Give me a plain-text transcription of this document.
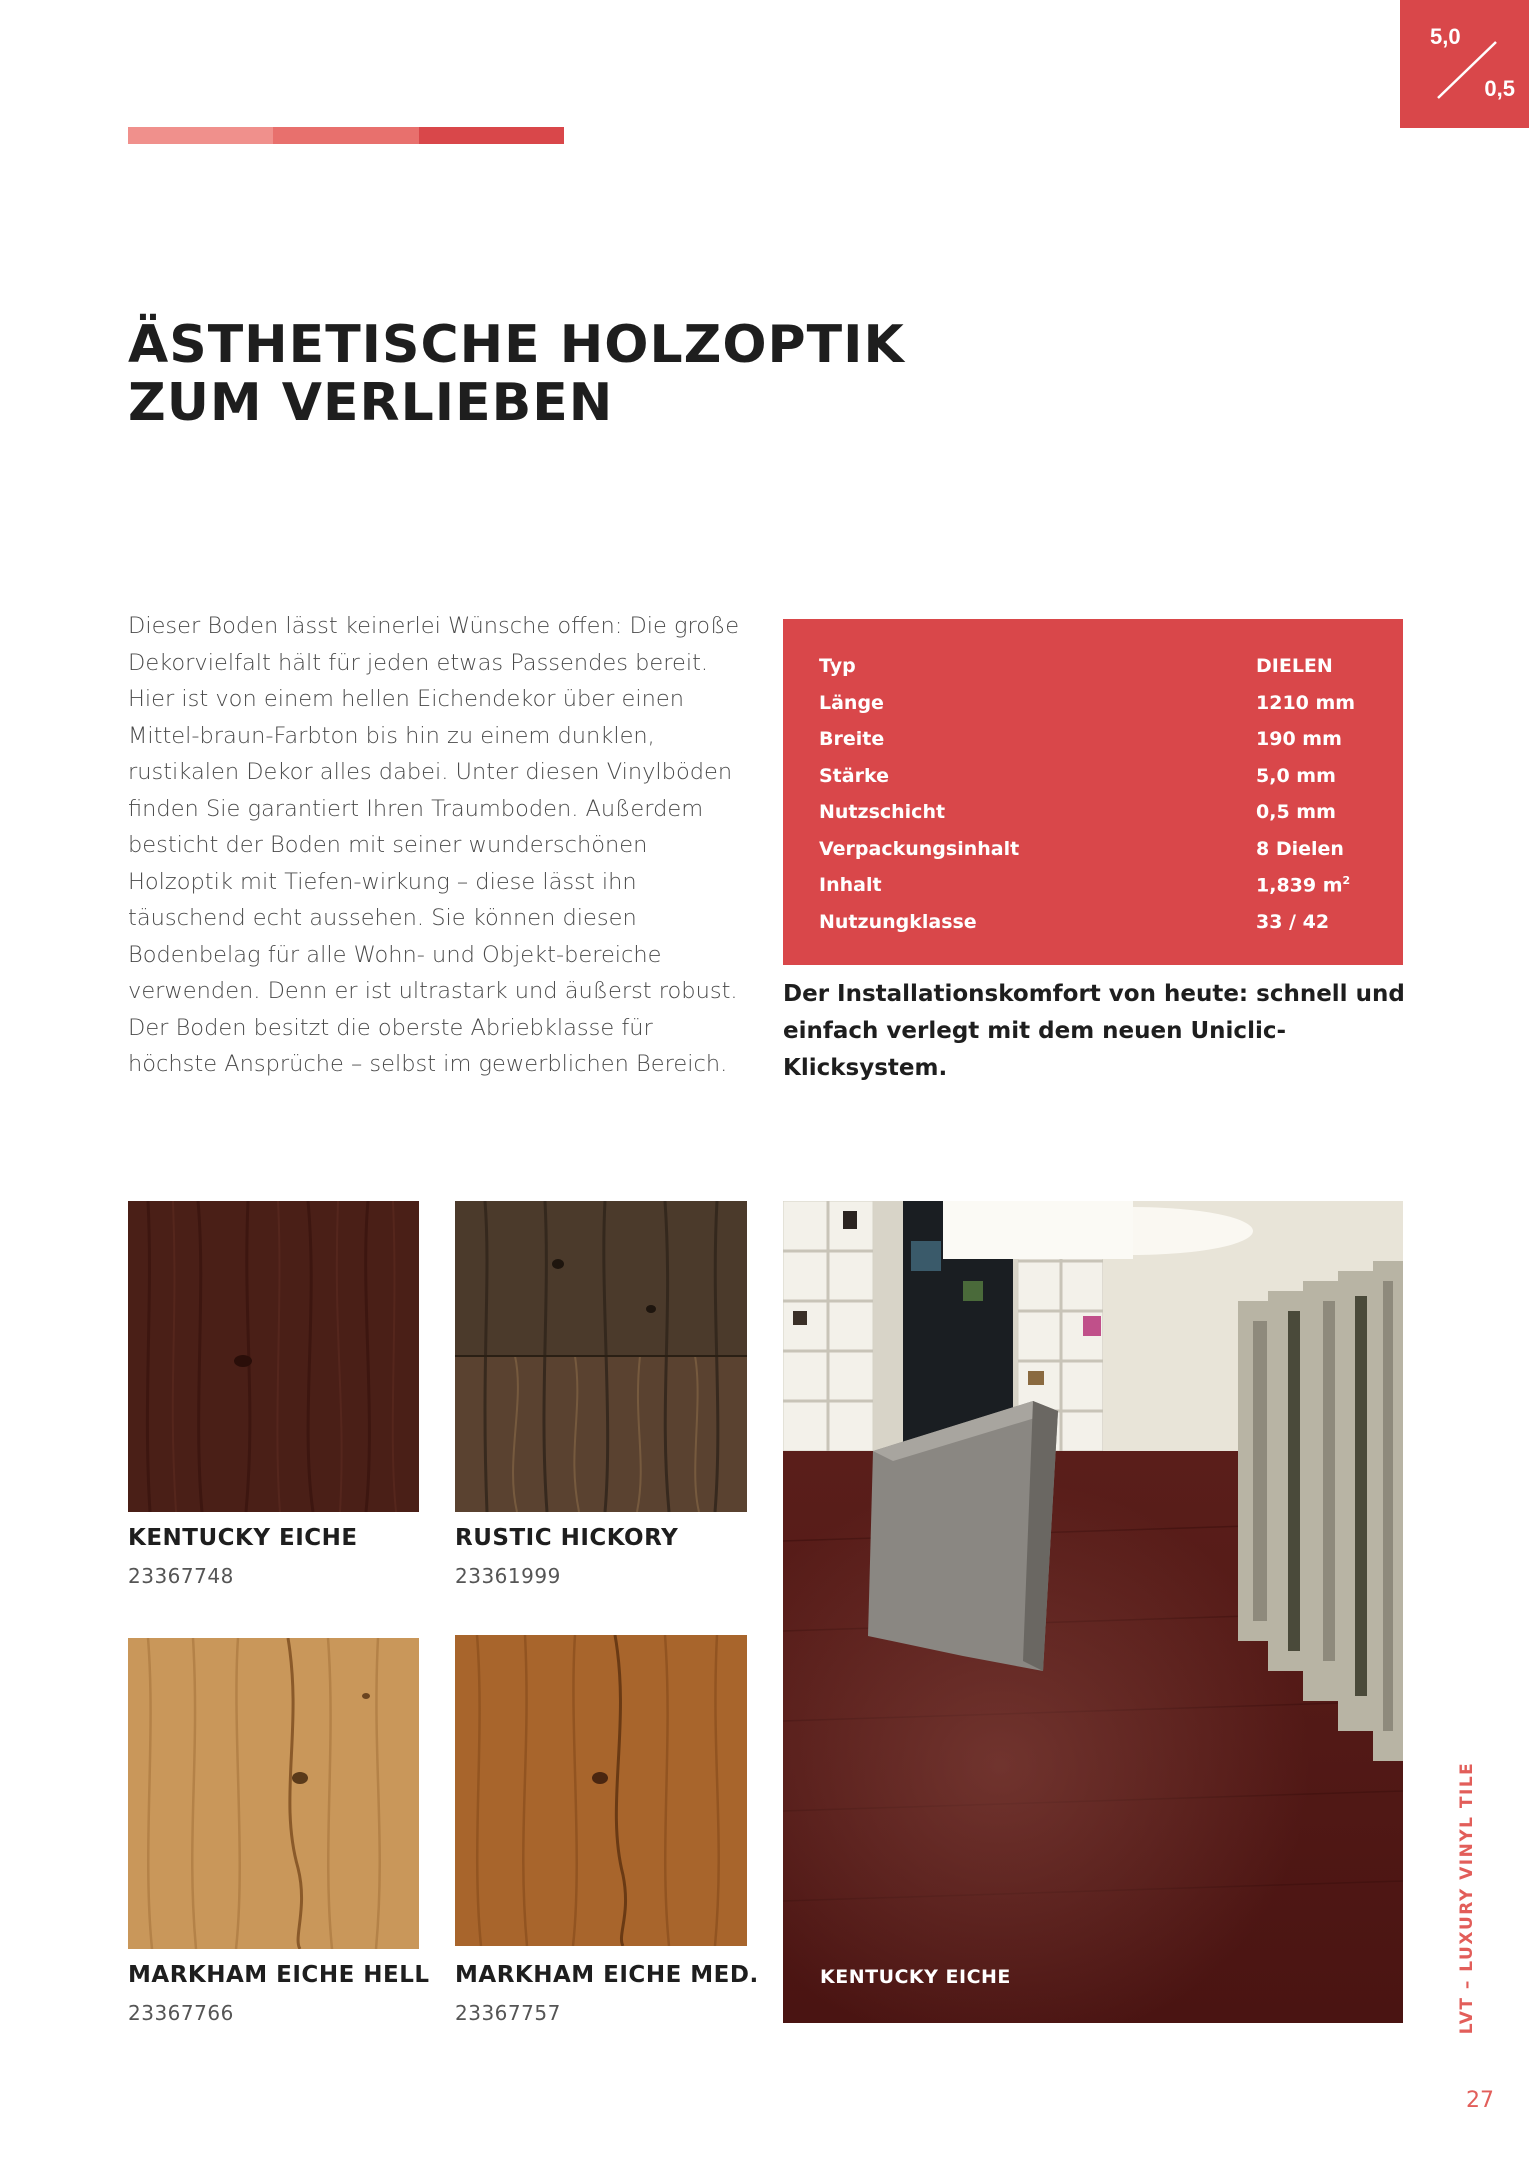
5,0
0,5
ÄSTHETISCHE HOLZOPTIK
ZUM VERLIEBEN

Dieser Boden lässt keinerlei Wünsche offen: Die große Dekorvielfalt hält für jeden etwas Passendes bereit. Hier ist von einem hellen Eichendekor über einen Mittel-braun-Farbton bis hin zu einem dunklen, rustikalen Dekor alles dabei. Unter diesen Vinylböden finden Sie garantiert Ihren Traumboden. Außerdem besticht der Boden mit seiner wunderschönen Holzoptik mit Tiefen-wirkung – diese lässt ihn täuschend echt aussehen. Sie können diesen Bodenbelag für alle Wohn- und Objekt-bereiche verwenden. Denn er ist ultrastark und äußerst robust. Der Boden besitzt die oberste Abriebklasse für höchste Ansprüche – selbst im gewerblichen Bereich.

Typ	DIELEN
Länge	1210 mm
Breite	190 mm
Stärke	5,0 mm
Nutzschicht	0,5 mm
Verpackungsinhalt	8 Dielen
Inhalt	1,839 $m^2$
Nutzungklasse	33 / 42

Der Installationskomfort von heute: schnell und einfach verlegt mit dem neuen Uniclic-Klicksystem.

KENTUCKY EICHE
23367748
RUSTIC HICKORY
23361999
MARKHAM EICHE HELL
23367766
MARKHAM EICHE MED.
23367757
KENTUCKY EICHE	LVT – LUXURY VINYL TILE
27
